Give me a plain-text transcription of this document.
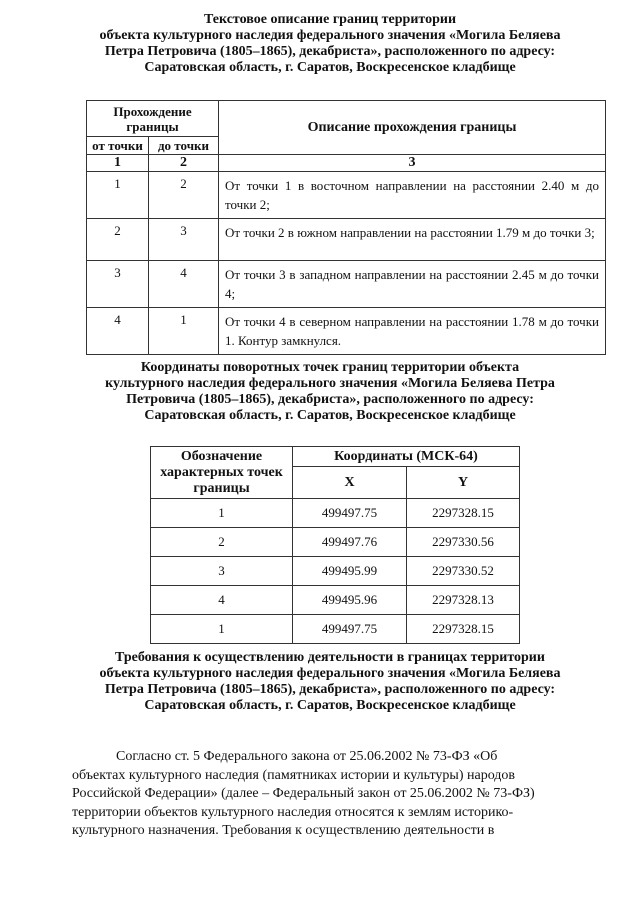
Текстовое описание границ территории
объекта культурного наследия федерального значения «Могила Беляева
Петра Петровича (1805–1865), декабриста», расположенного по адресу:
Саратовская область, г. Саратов, Воскресенское кладбище
Прохождение границы		Описание прохождения границы
от точки	до точки	
1	2	3
1	2	От точки 1 в восточном направлении на расстоянии 2.40 м до точки 2;
2	3	От точки 2 в южном направлении на расстоянии 1.79 м до точки 3;
3	4	От точки 3 в западном направлении на расстоянии 2.45 м до точки 4;
4	1	От точки 4 в северном направлении на расстоянии 1.78 м до точки 1. Контур замкнулся.
Координаты поворотных точек границ территории объекта
культурного наследия федерального значения «Могила Беляева Петра
Петровича (1805–1865), декабриста», расположенного по адресу:
Саратовская область, г. Саратов, Воскресенское кладбище
Обозначение характерных точек границы	Координаты (МСК-64)	
	X	Y
1	499497.75	2297328.15
2	499497.76	2297330.56
3	499495.99	2297330.52
4	499495.96	2297328.13
1	499497.75	2297328.15
Требования к осуществлению деятельности в границах территории
объекта культурного наследия федерального значения «Могила Беляева
Петра Петровича (1805–1865), декабриста», расположенного по адресу:
Саратовская область, г. Саратов, Воскресенское кладбище
Согласно ст. 5 Федерального закона от 25.06.2002 № 73-ФЗ «Об
объектах культурного наследия (памятниках истории и культуры) народов
Российской Федерации» (далее – Федеральный закон от 25.06.2002 № 73-ФЗ)
территории объектов культурного наследия относятся к землям историко-
культурного назначения. Требования к осуществлению деятельности в
